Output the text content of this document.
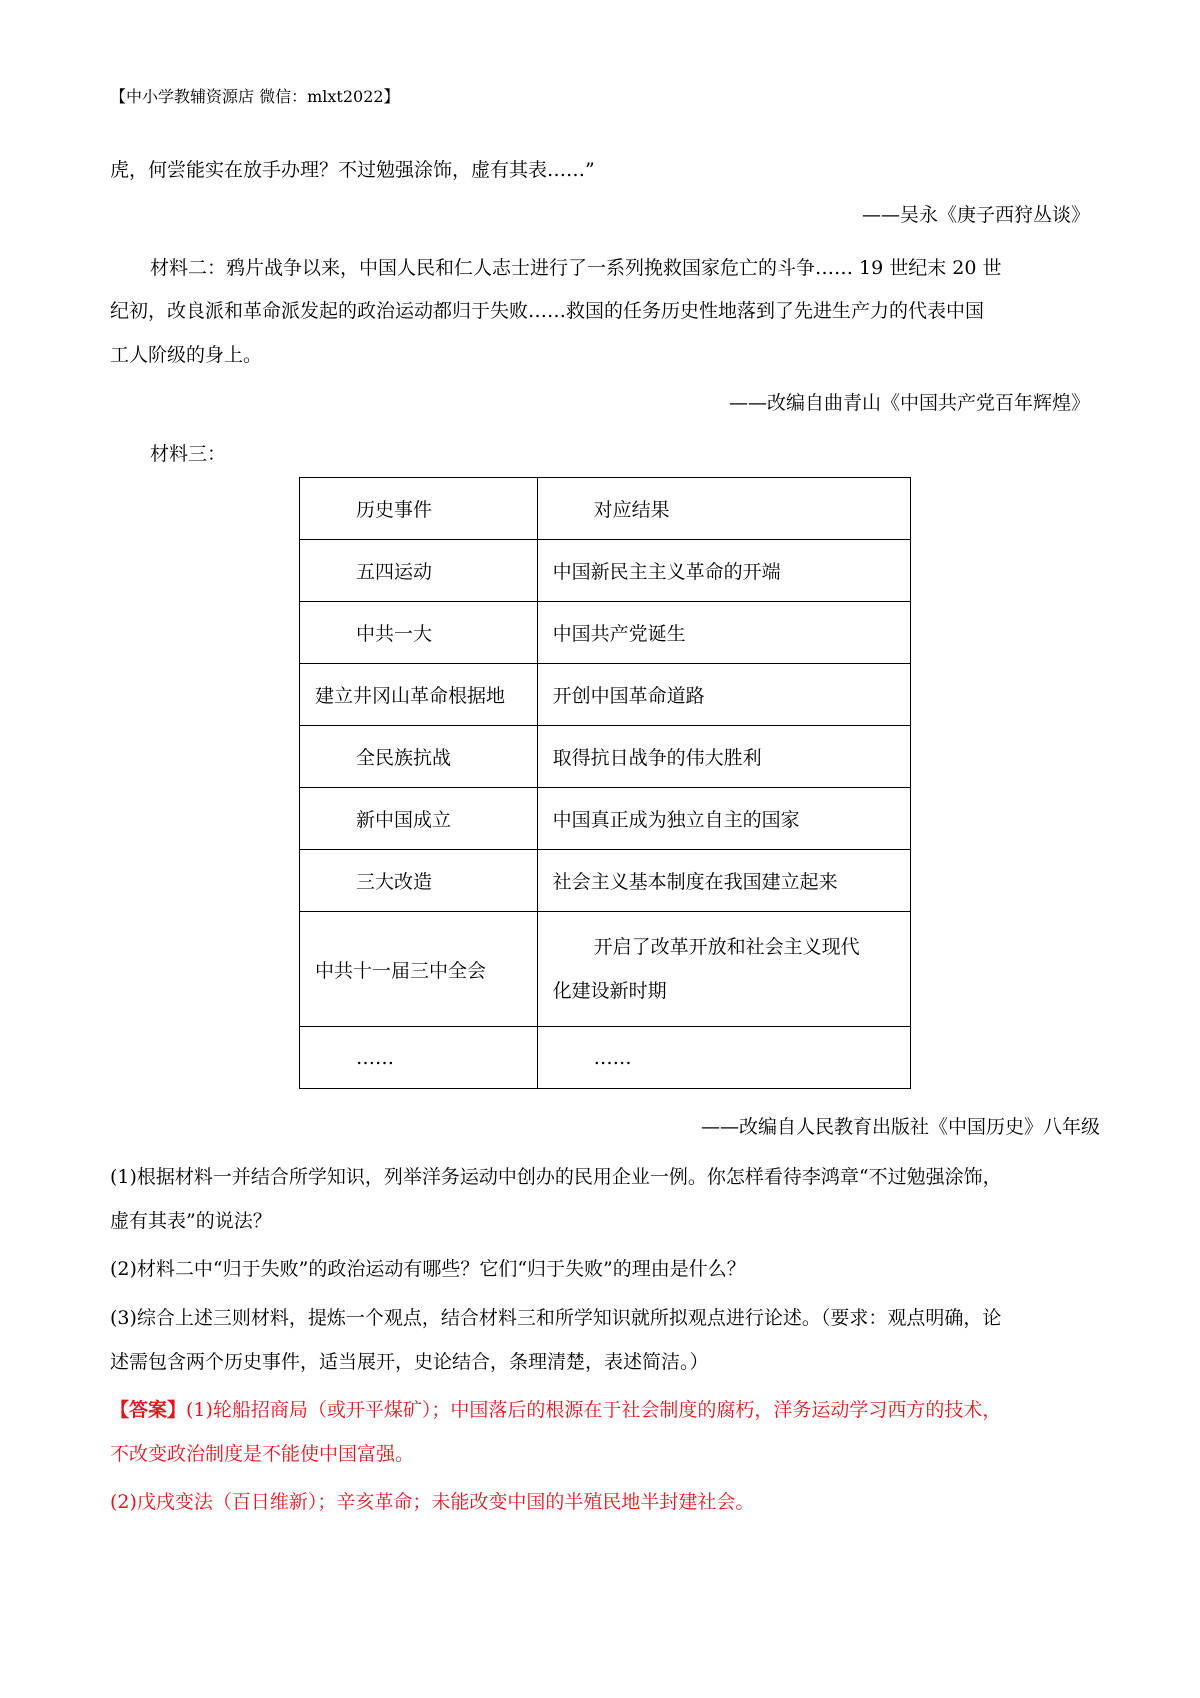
【中小学教辅资源店 微信：mlxt2022】
虎，何尝能实在放手办理？不过勉强涂饰，虚有其表……”
——吴永《庚子西狩丛谈》
材料二：鸦片战争以来，中国人民和仁人志士进行了一系列挽救国家危亡的斗争…… 19 世纪末 20 世
纪初，改良派和革命派发起的政治运动都归于失败……救国的任务历史性地落到了先进生产力的代表中国
工人阶级的身上。
——改编自曲青山《中国共产党百年辉煌》
材料三：
历史事件	对应结果

五四运动	中国新民主主义革命的开端

中共一大	中国共产党诞生

建立井冈山革命根据地	开创中国革命道路

全民族抗战	取得抗日战争的伟大胜利

新中国成立	中国真正成为独立自主的国家

三大改造	社会主义基本制度在我国建立起来

中共十一届三中全会	开启了改革开放和社会主义现代
化建设新时期

……	……
——改编自人民教育出版社《中国历史》八年级
(1)根据材料一并结合所学知识，列举洋务运动中创办的民用企业一例。你怎样看待李鸿章“不过勉强涂饰，
虚有其表”的说法？
(2)材料二中“归于失败”的政治运动有哪些？它们“归于失败”的理由是什么？
(3)综合上述三则材料，提炼一个观点，结合材料三和所学知识就所拟观点进行论述。（要求：观点明确，论
述需包含两个历史事件，适当展开，史论结合，条理清楚，表述简洁。）
【答案】(1)轮船招商局（或开平煤矿）；中国落后的根源在于社会制度的腐朽，洋务运动学习西方的技术，
不改变政治制度是不能使中国富强。
(2)戊戌变法（百日维新）；辛亥革命；未能改变中国的半殖民地半封建社会。
